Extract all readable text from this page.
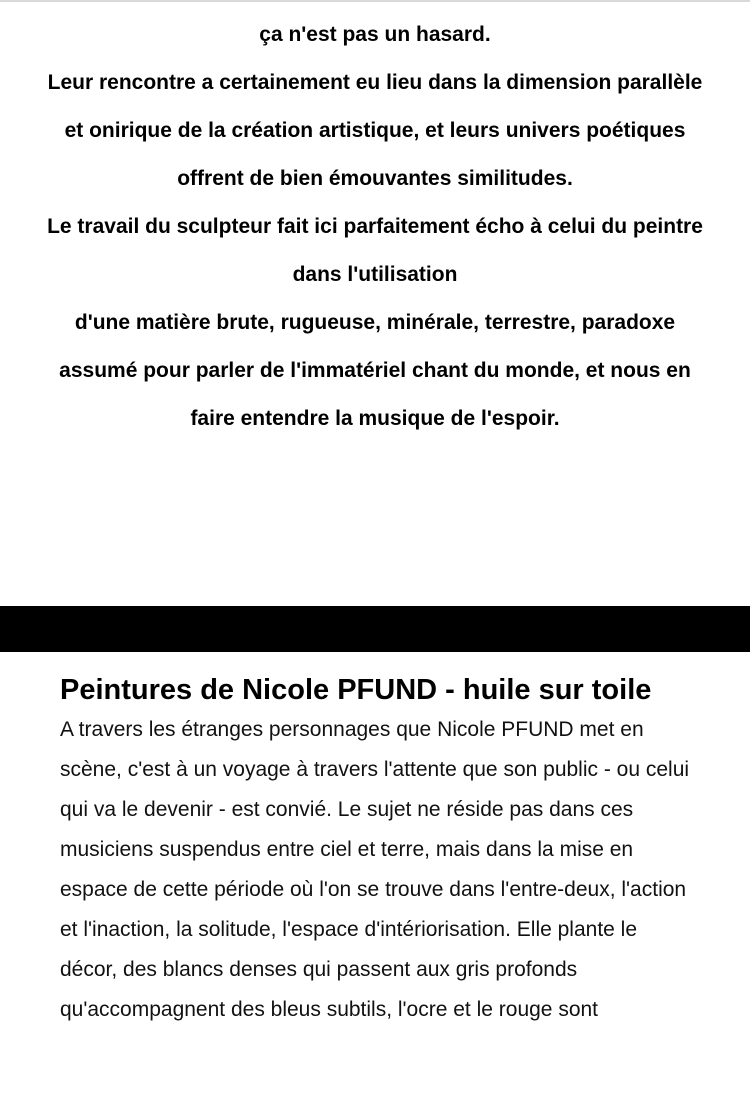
ça n'est pas un hasard.

Leur rencontre a certainement eu lieu dans la dimension parallèle et onirique de la création artistique, et leurs univers poétiques offrent de bien émouvantes similitudes.

Le travail du sculpteur fait ici parfaitement écho à celui du peintre dans l'utilisation

d'une matière brute, rugueuse, minérale, terrestre, paradoxe assumé pour parler de l'immatériel chant du monde, et nous en faire entendre la musique de l'espoir.

Peintures de Nicole PFUND - huile sur toile

A travers les étranges personnages que Nicole PFUND met en scène, c'est à un voyage à travers l'attente que son public - ou celui qui va le devenir - est convié. Le sujet ne réside pas dans ces musiciens suspendus entre ciel et terre, mais dans la mise en espace de cette période où l'on se trouve dans l'entre-deux, l'action et l'inaction, la solitude, l'espace d'intériorisation. Elle plante le décor, des blancs denses qui passent aux gris profonds qu'accompagnent des bleus subtils, l'ocre et le rouge sont
